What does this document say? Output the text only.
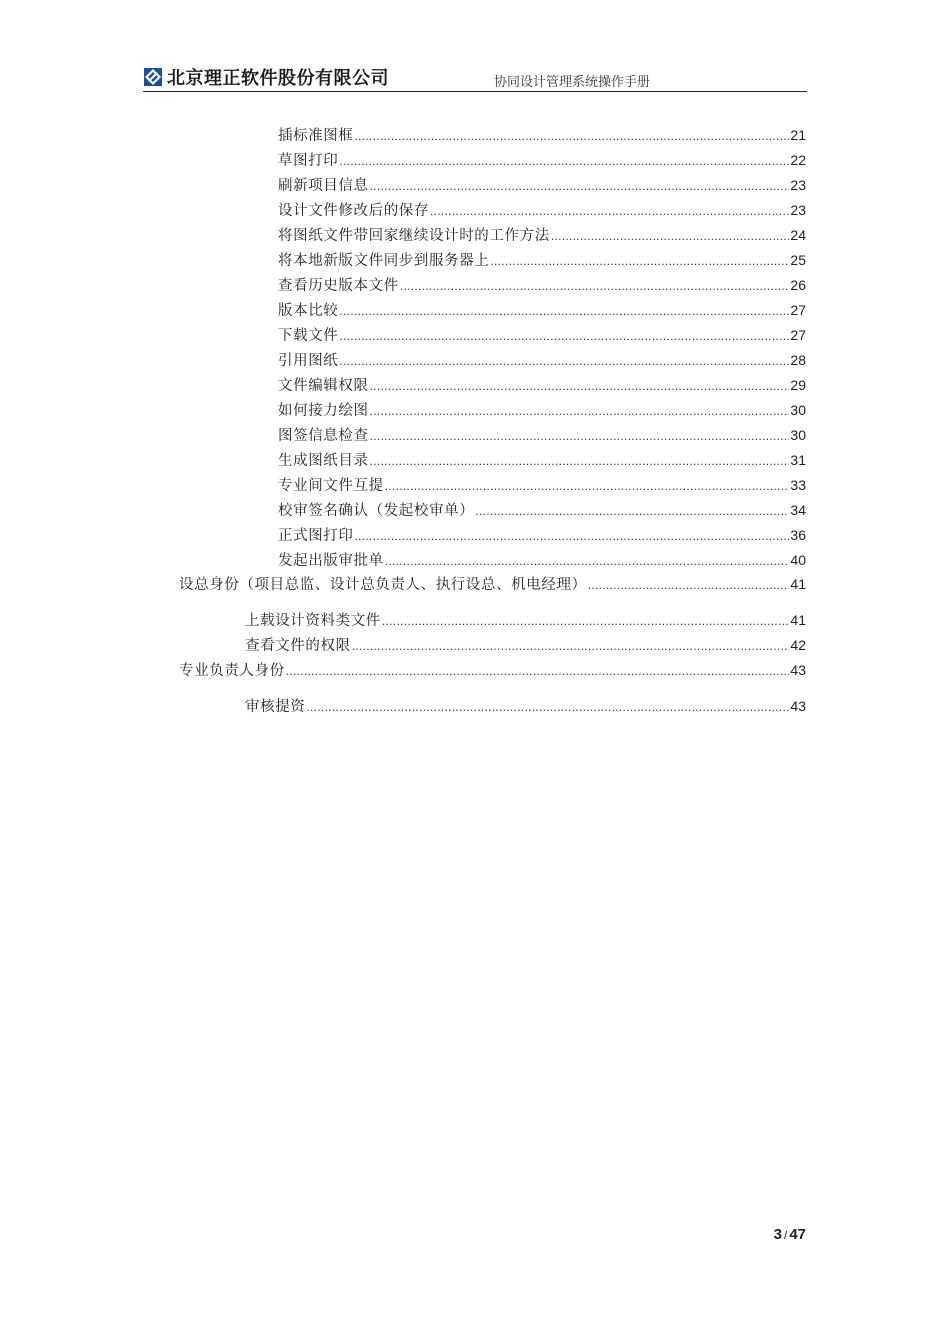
北京理正软件股份有限公司	协同设计管理系统操作手册
插标准图框 .....	21
草图打印 .....	22
刷新项目信息 .....	23
设计文件修改后的保存 .....	23
将图纸文件带回家继续设计时的工作方法 .....	24
将本地新版文件同步到服务器上 .....	25
查看历史版本文件 .....	26
版本比较 .....	27
下载文件 .....	27
引用图纸 .....	28
文件编辑权限 .....	29
如何接力绘图 .....	30
图签信息检查 .....	30
生成图纸目录 .....	31
专业间文件互提 .....	33
校审签名确认（发起校审单） .....	34
正式图打印 .....	36
发起出版审批单 .....	40
设总身份（项目总监、设计总负责人、执行设总、机电经理） .....	41
上载设计资料类文件 .....	41
查看文件的权限 .....	42
专业负责人身份 .....	43
审核提资 .....	43
3 / 47
